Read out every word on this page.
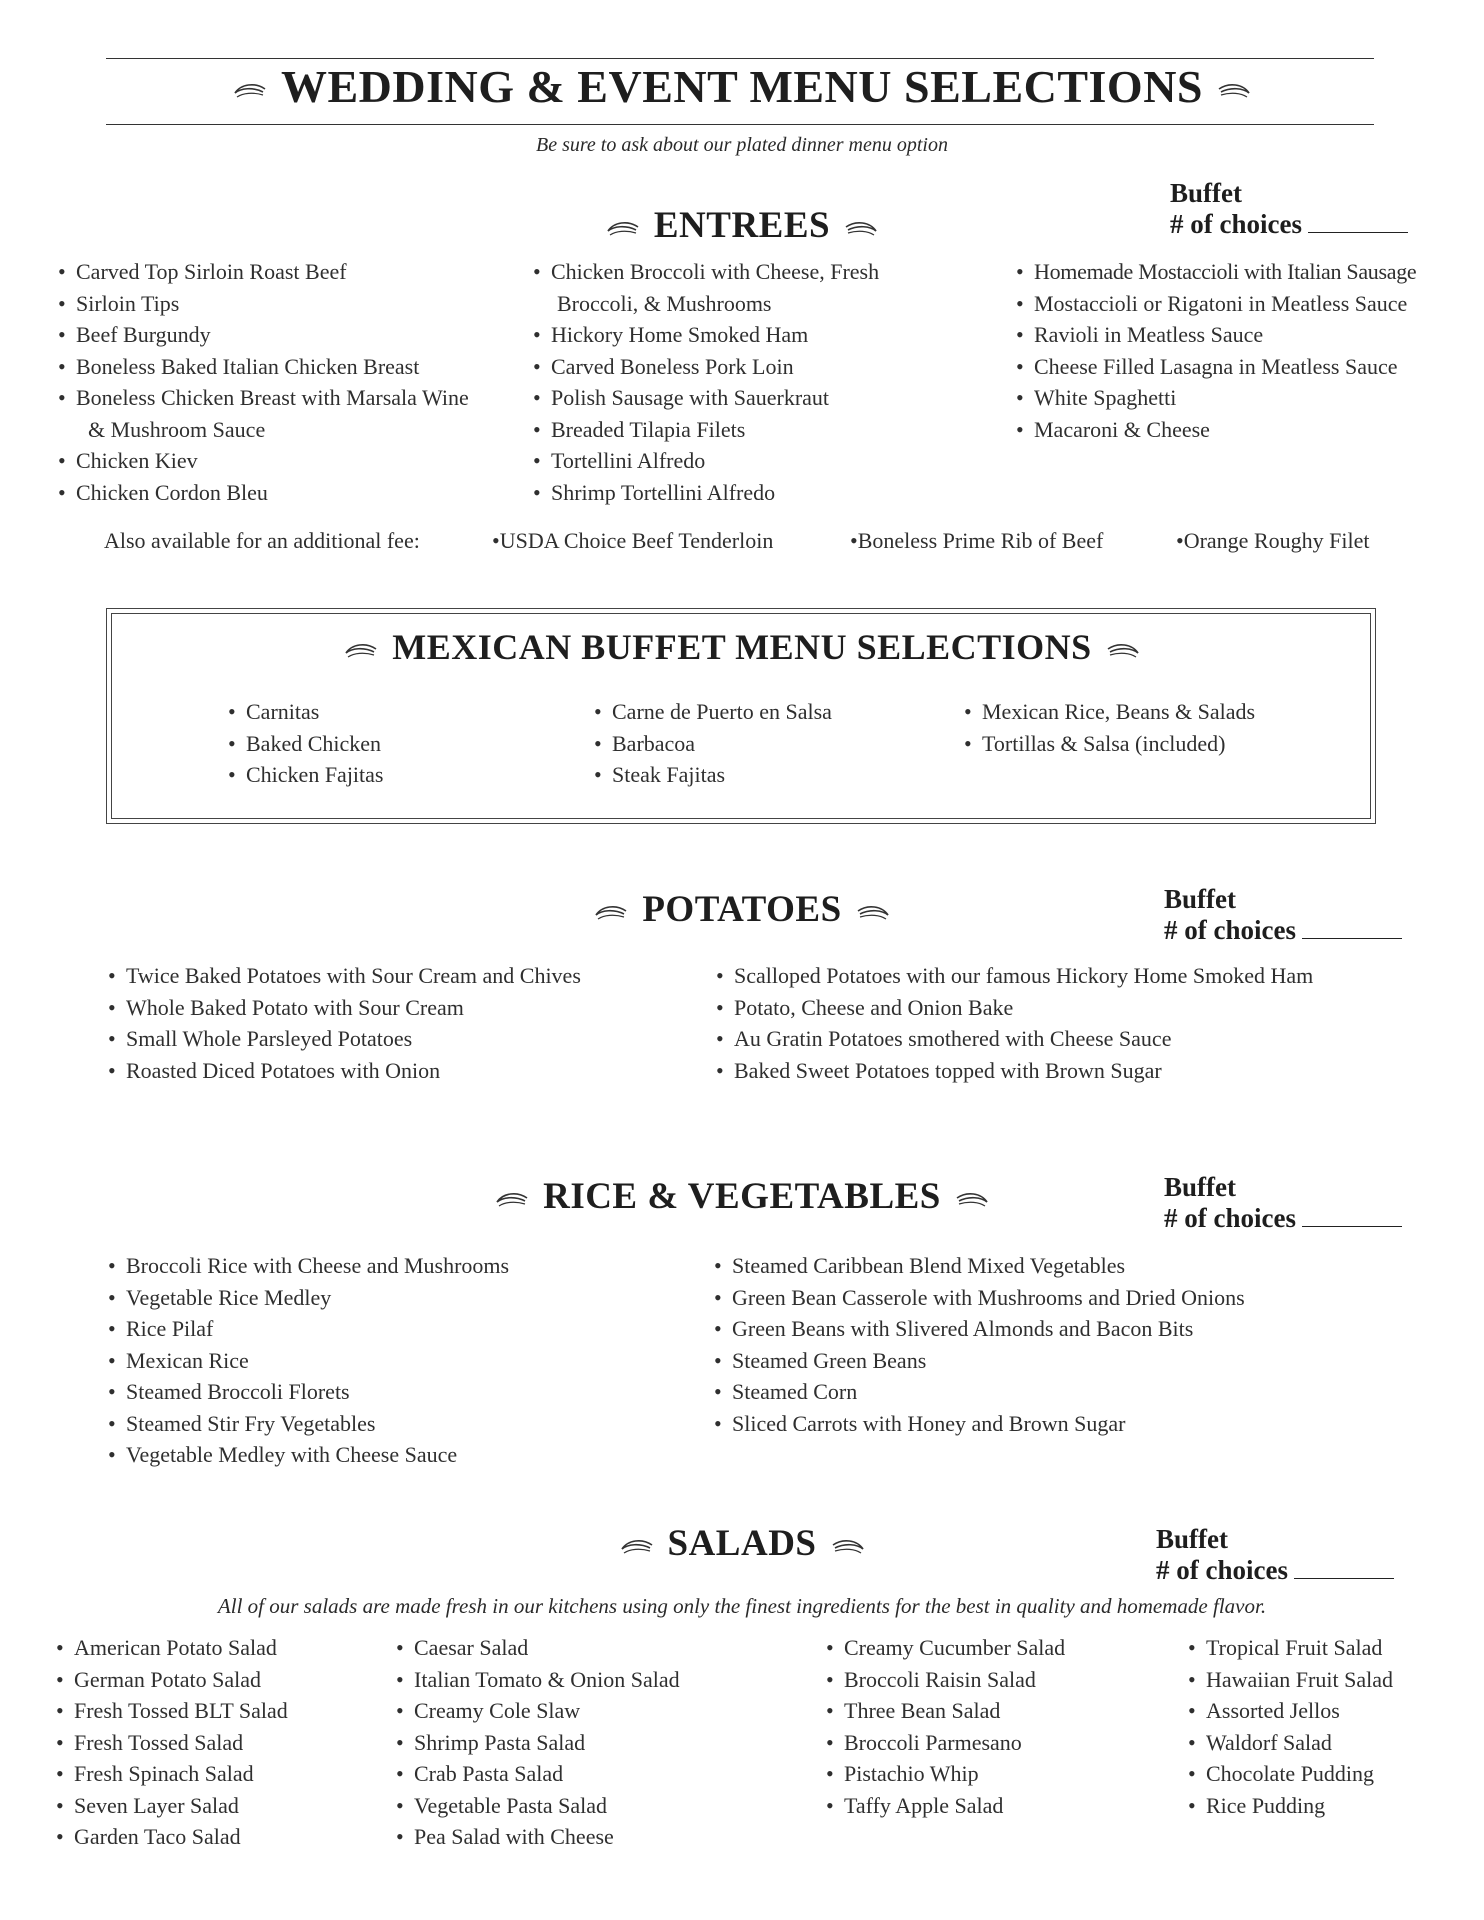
WEDDING & EVENT MENU SELECTIONS
Be sure to ask about our plated dinner menu option
ENTREES
Buffet
# of choices
• Carved Top Sirloin Roast Beef
• Sirloin Tips
• Beef Burgundy
• Boneless Baked Italian Chicken Breast
• Boneless Chicken Breast with Marsala Wine
& Mushroom Sauce
• Chicken Kiev
• Chicken Cordon Bleu
• Chicken Broccoli with Cheese, Fresh
Broccoli, & Mushrooms
• Hickory Home Smoked Ham
• Carved Boneless Pork Loin
• Polish Sausage with Sauerkraut
• Breaded Tilapia Filets
• Tortellini Alfredo
• Shrimp Tortellini Alfredo
• Homemade Mostaccioli with Italian Sausage
• Mostaccioli or Rigatoni in Meatless Sauce
• Ravioli in Meatless Sauce
• Cheese Filled Lasagna in Meatless Sauce
• White Spaghetti
• Macaroni & Cheese
Also available for an additional fee:	•USDA Choice Beef Tenderloin	•Boneless Prime Rib of Beef	•Orange Roughy Filet
MEXICAN BUFFET MENU SELECTIONS
• Carnitas
• Baked Chicken
• Chicken Fajitas
• Carne de Puerto en Salsa
• Barbacoa
• Steak Fajitas
• Mexican Rice, Beans & Salads
• Tortillas & Salsa (included)
POTATOES	Buffet
# of choices
• Twice Baked Potatoes with Sour Cream and Chives
• Whole Baked Potato with Sour Cream
• Small Whole Parsleyed Potatoes
• Roasted Diced Potatoes with Onion
• Scalloped Potatoes with our famous Hickory Home Smoked Ham
• Potato, Cheese and Onion Bake
• Au Gratin Potatoes smothered with Cheese Sauce
• Baked Sweet Potatoes topped with Brown Sugar
RICE & VEGETABLES	Buffet
# of choices
• Broccoli Rice with Cheese and Mushrooms
• Vegetable Rice Medley
• Rice Pilaf
• Mexican Rice
• Steamed Broccoli Florets
• Steamed Stir Fry Vegetables
• Vegetable Medley with Cheese Sauce
• Steamed Caribbean Blend Mixed Vegetables
• Green Bean Casserole with Mushrooms and Dried Onions
• Green Beans with Slivered Almonds and Bacon Bits
• Steamed Green Beans
• Steamed Corn
• Sliced Carrots with Honey and Brown Sugar
SALADS	Buffet
# of choices
All of our salads are made fresh in our kitchens using only the finest ingredients for the best in quality and homemade flavor.
• American Potato Salad
• German Potato Salad
• Fresh Tossed BLT Salad
• Fresh Tossed Salad
• Fresh Spinach Salad
• Seven Layer Salad
• Garden Taco Salad
• Caesar Salad
• Italian Tomato & Onion Salad
• Creamy Cole Slaw
• Shrimp Pasta Salad
• Crab Pasta Salad
• Vegetable Pasta Salad
• Pea Salad with Cheese
• Creamy Cucumber Salad
• Broccoli Raisin Salad
• Three Bean Salad
• Broccoli Parmesano
• Pistachio Whip
• Taffy Apple Salad
• Tropical Fruit Salad
• Hawaiian Fruit Salad
• Assorted Jellos
• Waldorf Salad
• Chocolate Pudding
• Rice Pudding
